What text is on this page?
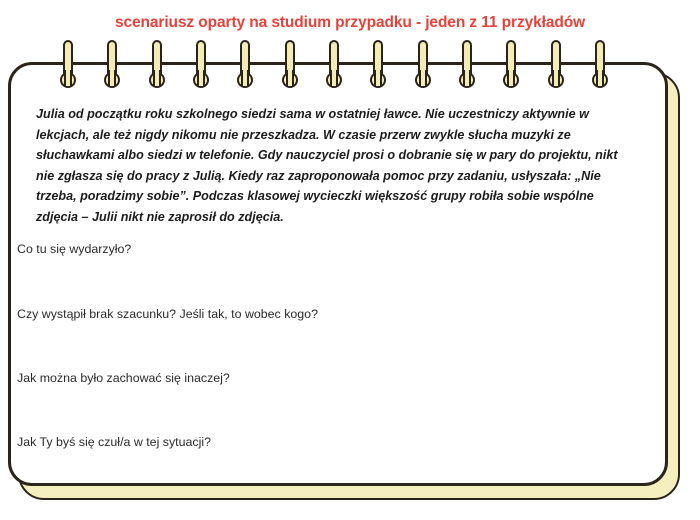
scenariusz oparty na studium przypadku - jeden z 11 przykładów

Julia od początku roku szkolnego siedzi sama w ostatniej ławce. Nie uczestniczy aktywnie w lekcjach, ale też nigdy nikomu nie przeszkadza. W czasie przerw zwykle słucha muzyki ze słuchawkami albo siedzi w telefonie. Gdy nauczyciel prosi o dobranie się w pary do projektu, nikt nie zgłasza się do pracy z Julią. Kiedy raz zaproponowała pomoc przy zadaniu, usłyszała: „Nie trzeba, poradzimy sobie”. Podczas klasowej wycieczki większość grupy robiła sobie wspólne zdjęcia – Julii nikt nie zaprosił do zdjęcia.

Co tu się wydarzyło?
Czy wystąpił brak szacunku? Jeśli tak, to wobec kogo?
Jak można było zachować się inaczej?
Jak Ty byś się czuł/a w tej sytuacji?
